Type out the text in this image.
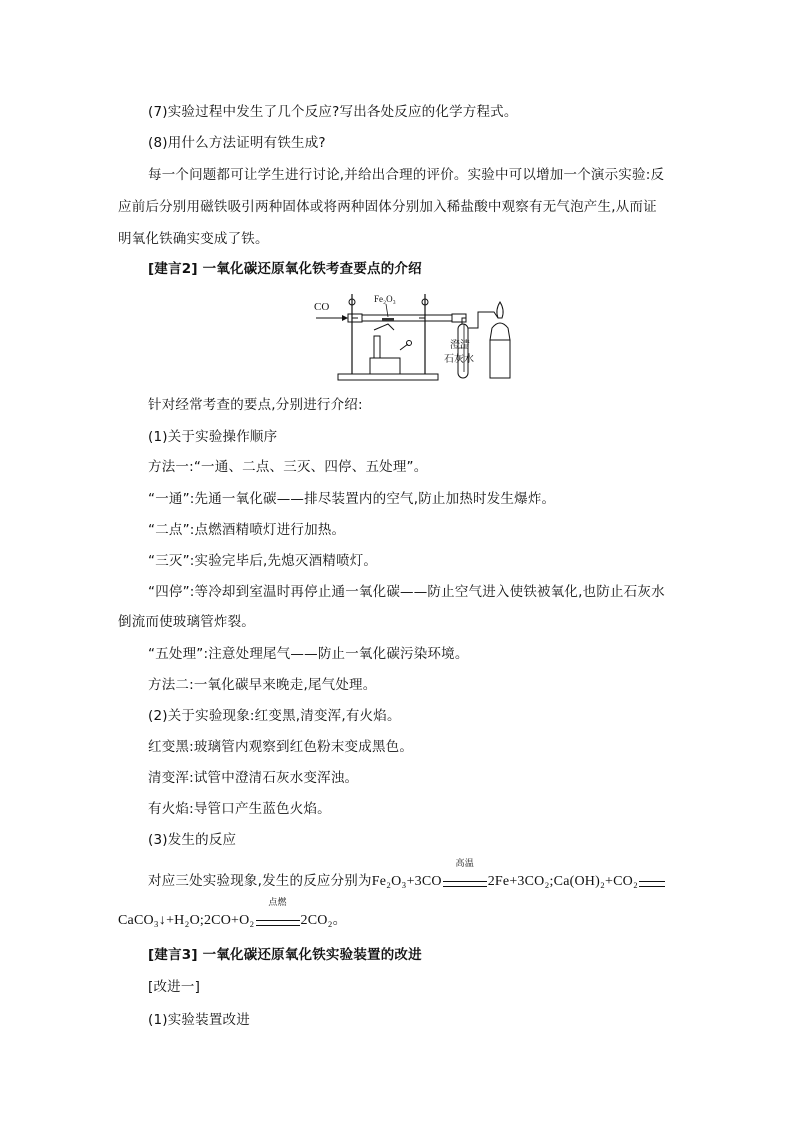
(7)实验过程中发生了几个反应?写出各处反应的化学方程式。
(8)用什么方法证明有铁生成?
每一个问题都可让学生进行讨论,并给出合理的评价。实验中可以增加一个演示实验:反
应前后分别用磁铁吸引两种固体或将两种固体分别加入稀盐酸中观察有无气泡产生,从而证
明氧化铁确实变成了铁。
[建言2] 一氧化碳还原氧化铁考查要点的介绍
CO
Fe₂O₃
澄清
石灰水
针对经常考查的要点,分别进行介绍:
(1)关于实验操作顺序
方法一:“一通、二点、三灭、四停、五处理”。
“一通”:先通一氧化碳——排尽装置内的空气,防止加热时发生爆炸。
“二点”:点燃酒精喷灯进行加热。
“三灭”:实验完毕后,先熄灭酒精喷灯。
“四停”:等冷却到室温时再停止通一氧化碳——防止空气进入使铁被氧化,也防止石灰水
倒流而使玻璃管炸裂。
“五处理”:注意处理尾气——防止一氧化碳污染环境。
方法二:一氧化碳早来晚走,尾气处理。
(2)关于实验现象:红变黑,清变浑,有火焰。
红变黑:玻璃管内观察到红色粉末变成黑色。
清变浑:试管中澄清石灰水变浑浊。
有火焰:导管口产生蓝色火焰。
(3)发生的反应
对应三处实验现象,发生的反应分别为Fe₂O₃+3CO
高温
2Fe+3CO₂;Ca(OH)₂+CO₂
CaCO₃↓+H₂O;2CO+O₂
点燃
2CO₂。
[建言3] 一氧化碳还原氧化铁实验装置的改进
[改进一]
(1)实验装置改进
